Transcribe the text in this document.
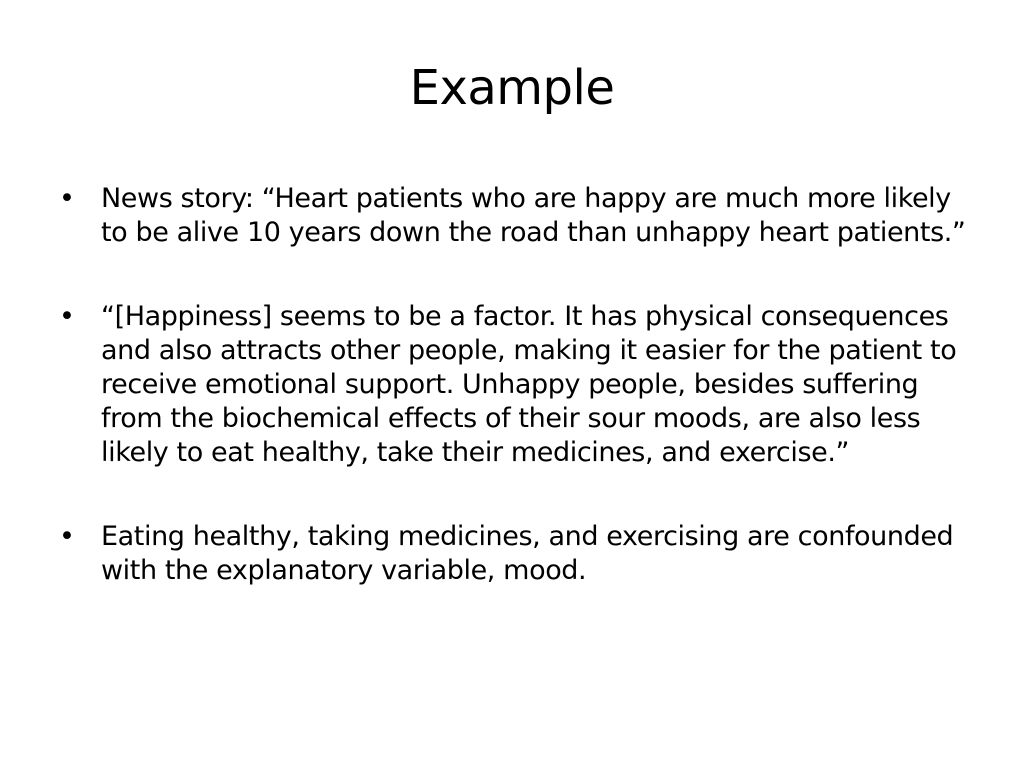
Example
• News story: “Heart patients who are happy are much more likely to be alive 10 years down the road than unhappy heart patients.”
• “[Happiness] seems to be a factor. It has physical consequences and also attracts other people, making it easier for the patient to receive emotional support. Unhappy people, besides suffering from the biochemical effects of their sour moods, are also less likely to eat healthy, take their medicines, and exercise.”
• Eating healthy, taking medicines, and exercising are confounded with the explanatory variable, mood.
